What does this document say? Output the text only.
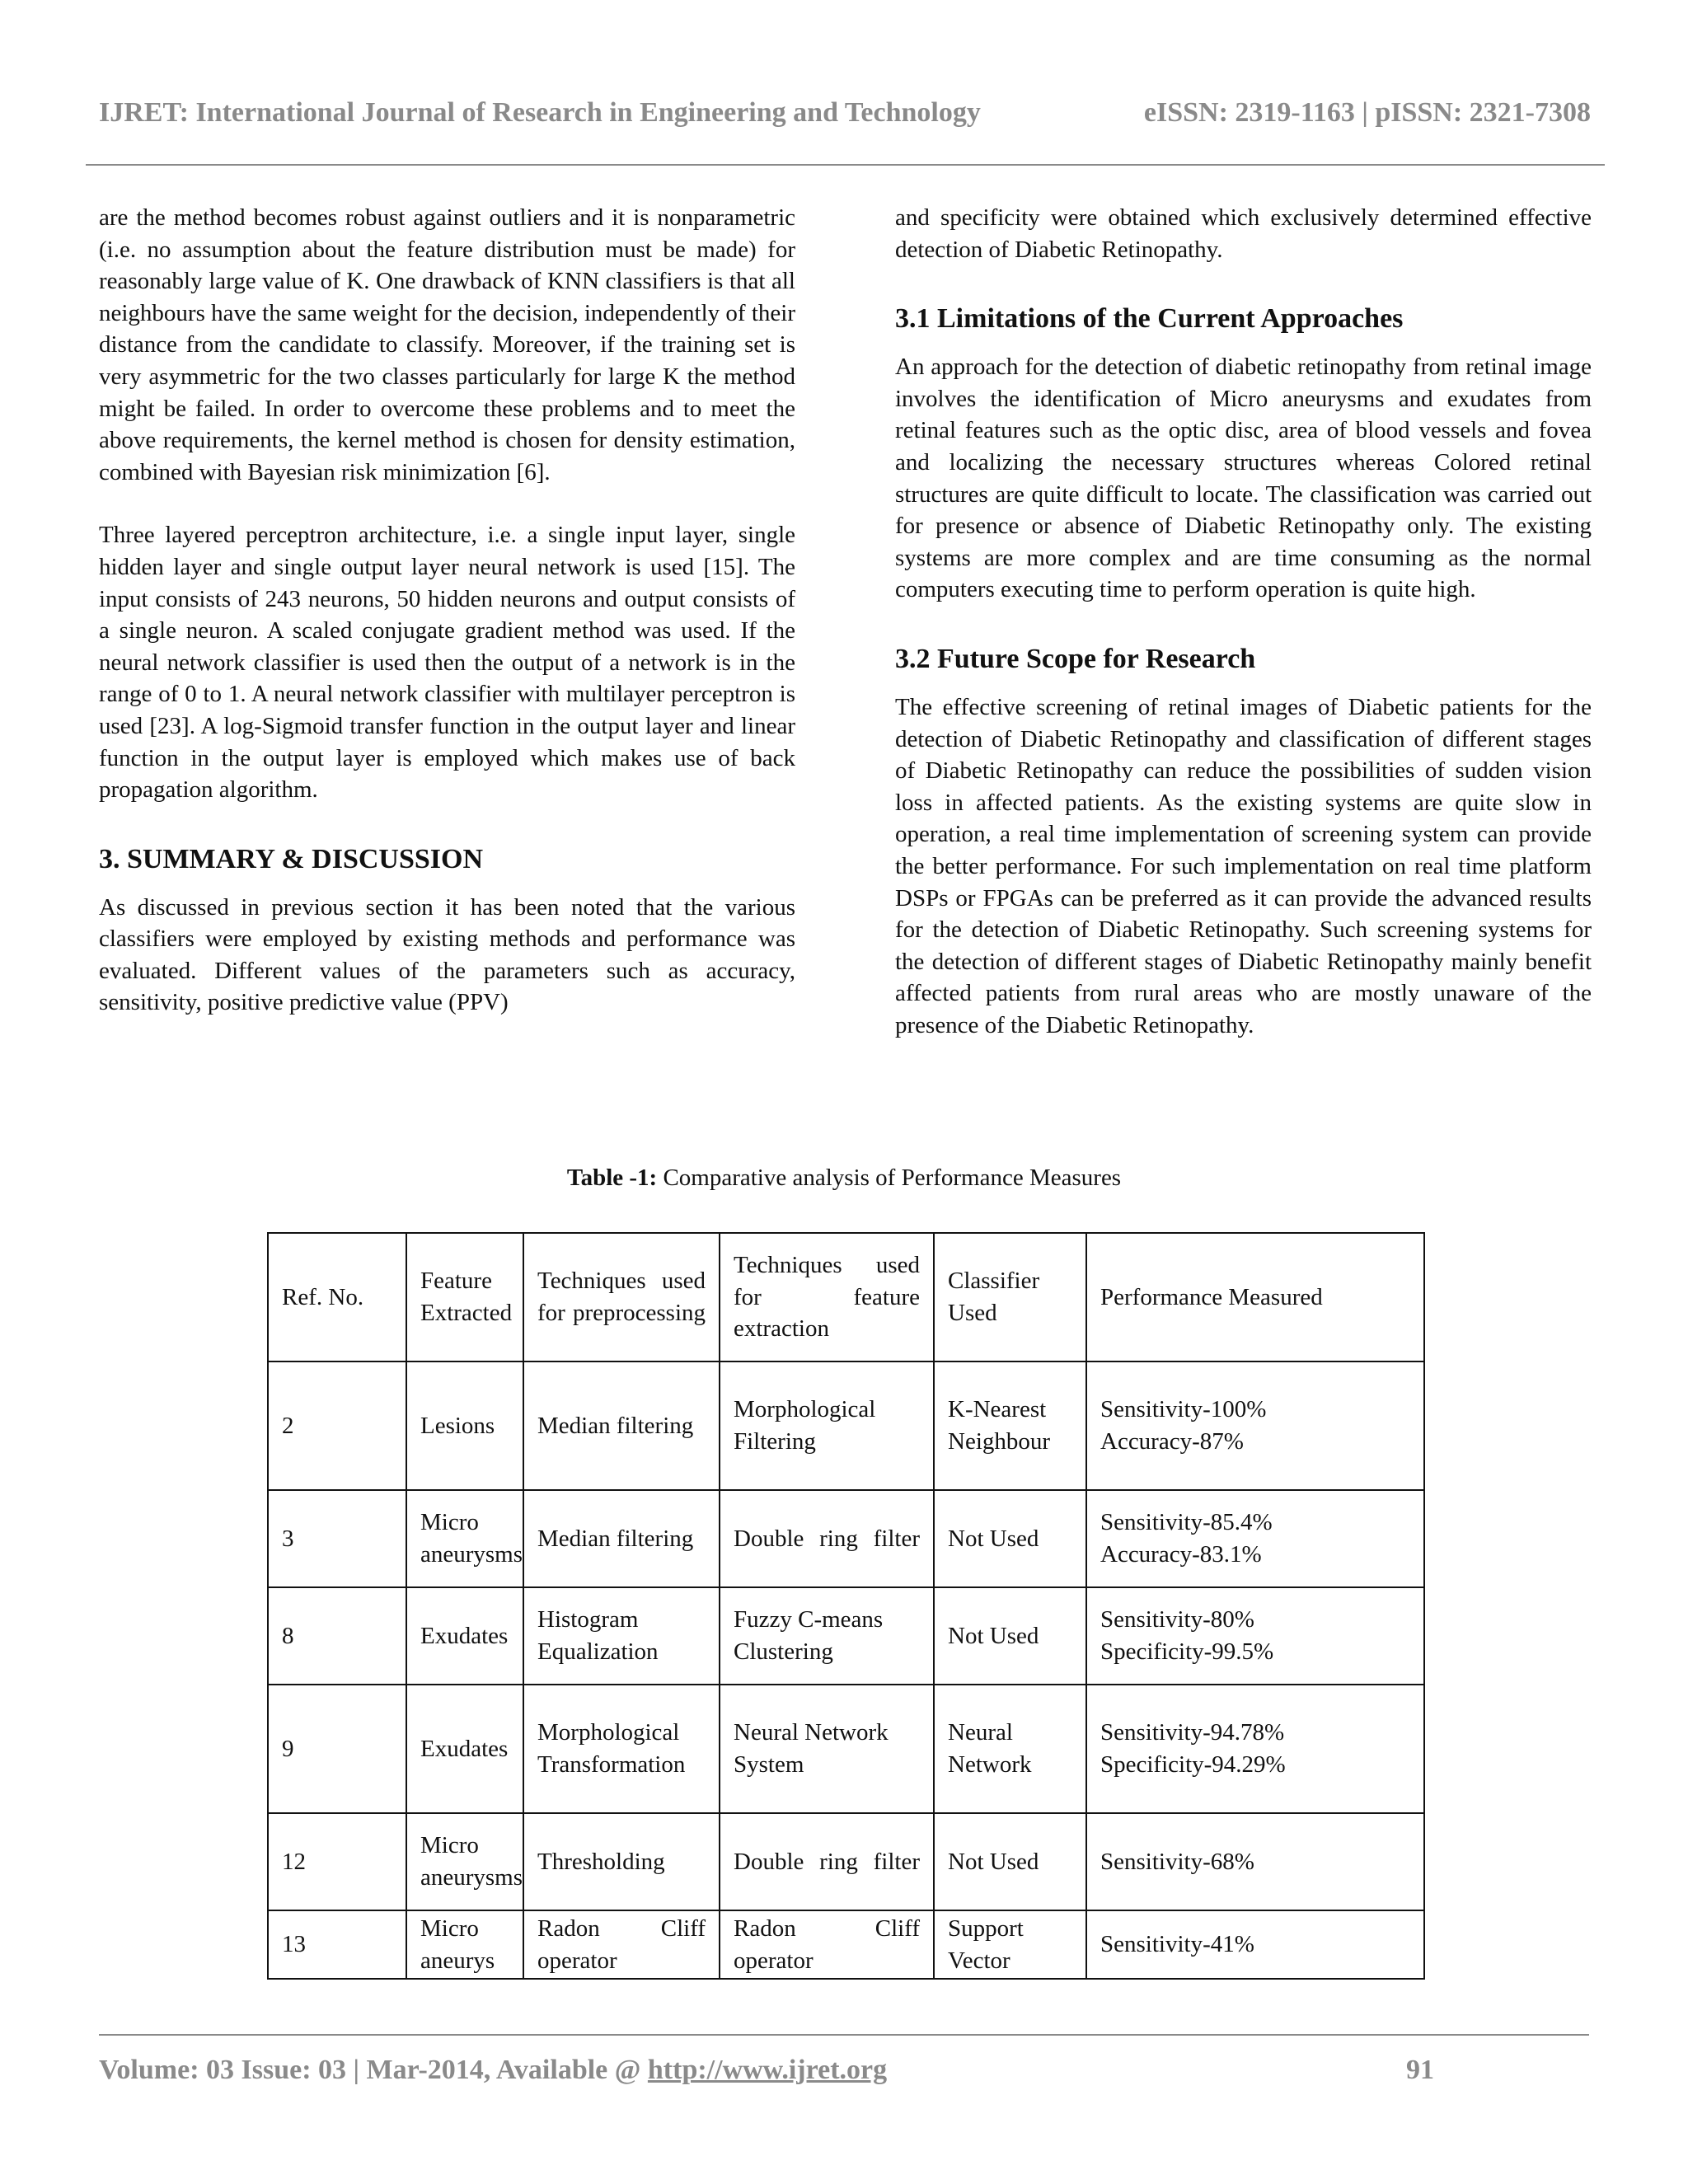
IJRET: International Journal of Research in Engineering and Technology	eISSN: 2319-1163 | pISSN: 2321-7308

are the method becomes robust against outliers and it is nonparametric (i.e. no assumption about the feature distribution must be made) for reasonably large value of K. One drawback of KNN classifiers is that all neighbours have the same weight for the decision, independently of their distance from the candidate to classify. Moreover, if the training set is very asymmetric for the two classes particularly for large K the method might be failed. In order to overcome these problems and to meet the above requirements, the kernel method is chosen for density estimation, combined with Bayesian risk minimization [6].

Three layered perceptron architecture, i.e. a single input layer, single hidden layer and single output layer neural network is used [15]. The input consists of 243 neurons, 50 hidden neurons and output consists of a single neuron. A scaled conjugate gradient method was used. If the neural network classifier is used then the output of a network is in the range of 0 to 1. A neural network classifier with multilayer perceptron is used [23]. A log-Sigmoid transfer function in the output layer and linear function in the output layer is employed which makes use of back propagation algorithm.

3. SUMMARY & DISCUSSION

As discussed in previous section it has been noted that the various classifiers were employed by existing methods and performance was evaluated. Different values of the parameters such as accuracy, sensitivity, positive predictive value (PPV)

and specificity were obtained which exclusively determined effective detection of Diabetic Retinopathy.

3.1 Limitations of the Current Approaches

An approach for the detection of diabetic retinopathy from retinal image involves the identification of Micro aneurysms and exudates from retinal features such as the optic disc, area of blood vessels and fovea and localizing the necessary structures whereas Colored retinal structures are quite difficult to locate. The classification was carried out for presence or absence of Diabetic Retinopathy only. The existing systems are more complex and are time consuming as the normal computers executing time to perform operation is quite high.

3.2 Future Scope for Research

The effective screening of retinal images of Diabetic patients for the detection of Diabetic Retinopathy and classification of different stages of Diabetic Retinopathy can reduce the possibilities of sudden vision loss in affected patients. As the existing systems are quite slow in operation, a real time implementation of screening system can provide the better performance. For such implementation on real time platform DSPs or FPGAs can be preferred as it can provide the advanced results for the detection of Diabetic Retinopathy. Such screening systems for the detection of different stages of Diabetic Retinopathy mainly benefit affected patients from rural areas who are mostly unaware of the presence of the Diabetic Retinopathy.

Table -1: Comparative analysis of Performance Measures
Ref. No.	Feature Extracted	Techniques used for preprocessing	Techniques used for feature extraction	Classifier Used	Performance Measured
2	Lesions	Median filtering	Morphological Filtering	K-Nearest Neighbour	Sensitivity-100%
Accuracy-87%

3	Micro aneurysms	Median filtering	Double ring filter	Not Used	Sensitivity-85.4%
Accuracy-83.1%

8	Exudates	Histogram Equalization	Fuzzy C-means Clustering	Not Used	Sensitivity-80%
Specificity-99.5%

9	Exudates	Morphological Transformation	Neural Network System	Neural Network	Sensitivity-94.78%
Specificity-94.29%

12	Micro aneurysms	Thresholding	Double ring filter	Not Used	Sensitivity-68%
13	Micro aneurys	Radon Cliff operator	Radon Cliff operator	Support Vector	Sensitivity-41%
Volume: 03 Issue: 03 | Mar-2014, Available @ http://www.ijret.org	91
